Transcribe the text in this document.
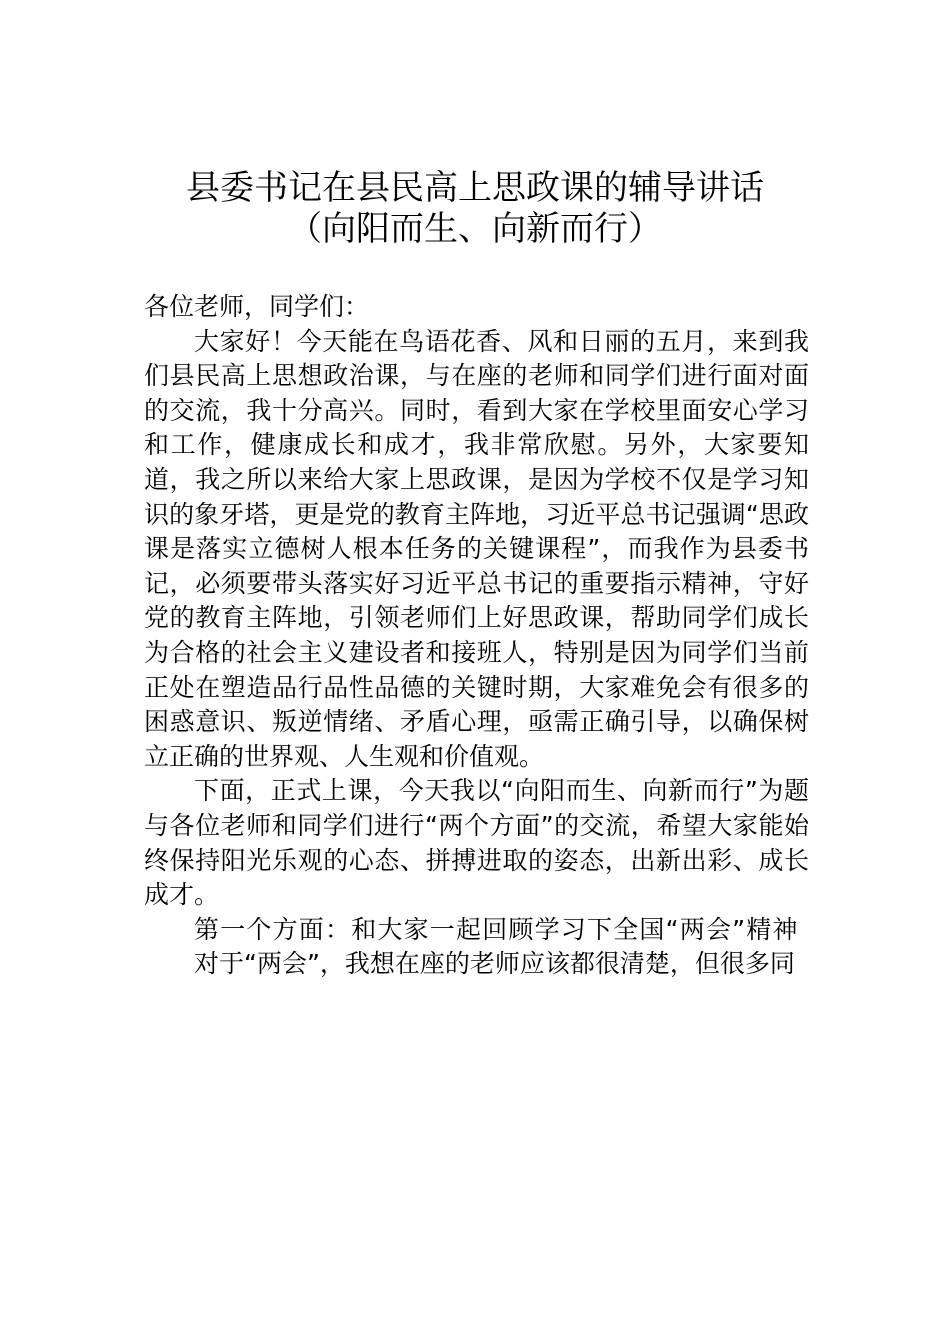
县委书记在县民高上思政课的辅导讲话
（向阳而生、向新而行）

各位老师，同学们：

大家好！今天能在鸟语花香、风和日丽的五月，来到我们县民高上思想政治课，与在座的老师和同学们进行面对面的交流，我十分高兴。同时，看到大家在学校里面安心学习和工作，健康成长和成才，我非常欣慰。另外，大家要知道，我之所以来给大家上思政课，是因为学校不仅是学习知识的象牙塔，更是党的教育主阵地，习近平总书记强调“思政课是落实立德树人根本任务的关键课程”，而我作为县委书记，必须要带头落实好习近平总书记的重要指示精神，守好党的教育主阵地，引领老师们上好思政课，帮助同学们成长为合格的社会主义建设者和接班人，特别是因为同学们当前正处在塑造品行品性品德的关键时期，大家难免会有很多的困惑意识、叛逆情绪、矛盾心理，亟需正确引导，以确保树立正确的世界观、人生观和价值观。

下面，正式上课，今天我以“向阳而生、向新而行”为题与各位老师和同学们进行“两个方面”的交流，希望大家能始终保持阳光乐观的心态、拼搏进取的姿态，出新出彩、成长成才。

第一个方面：和大家一起回顾学习下全国“两会”精神

对于“两会”，我想在座的老师应该都很清楚，但很多同
